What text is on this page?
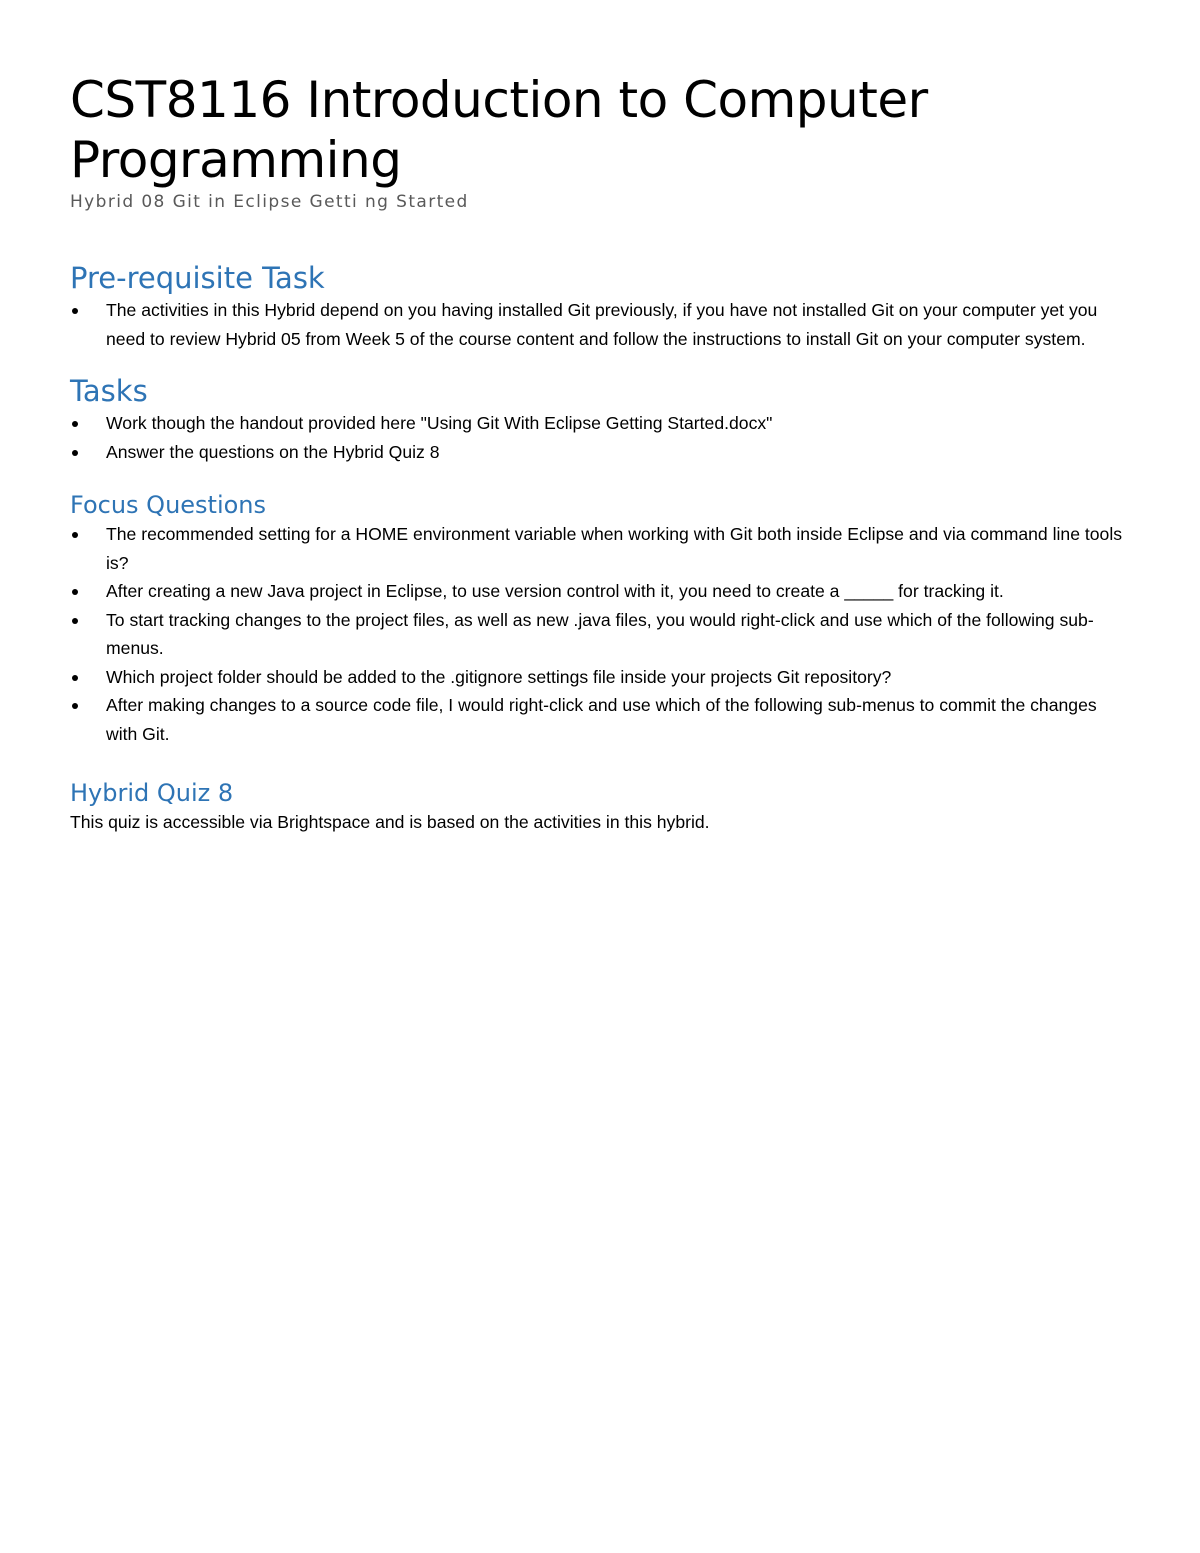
CST8116 Introduction to Computer Programming
Hybrid 08 Git in Eclipse Getti ng Started
Pre-requisite Task
The activities in this Hybrid depend on you having installed Git previously, if you have not installed Git on your computer yet you need to review Hybrid 05 from Week 5 of the course content and follow the instructions to install Git on your computer system.
Tasks
Work though the handout provided here "Using Git With Eclipse Getting Started.docx"
Answer the questions on the Hybrid Quiz 8
Focus Questions
The recommended setting for a HOME environment variable when working with Git both inside Eclipse and via command line tools is?
After creating a new Java project in Eclipse, to use version control with it, you need to create a _____ for tracking it.
To start tracking changes to the project files, as well as new .java files, you would right-click and use which of the following sub-menus.
Which project folder should be added to the .gitignore settings file inside your projects Git repository?
After making changes to a source code file, I would right-click and use which of the following sub-menus to commit the changes with Git.
Hybrid Quiz 8

This quiz is accessible via Brightspace and is based on the activities in this hybrid.
